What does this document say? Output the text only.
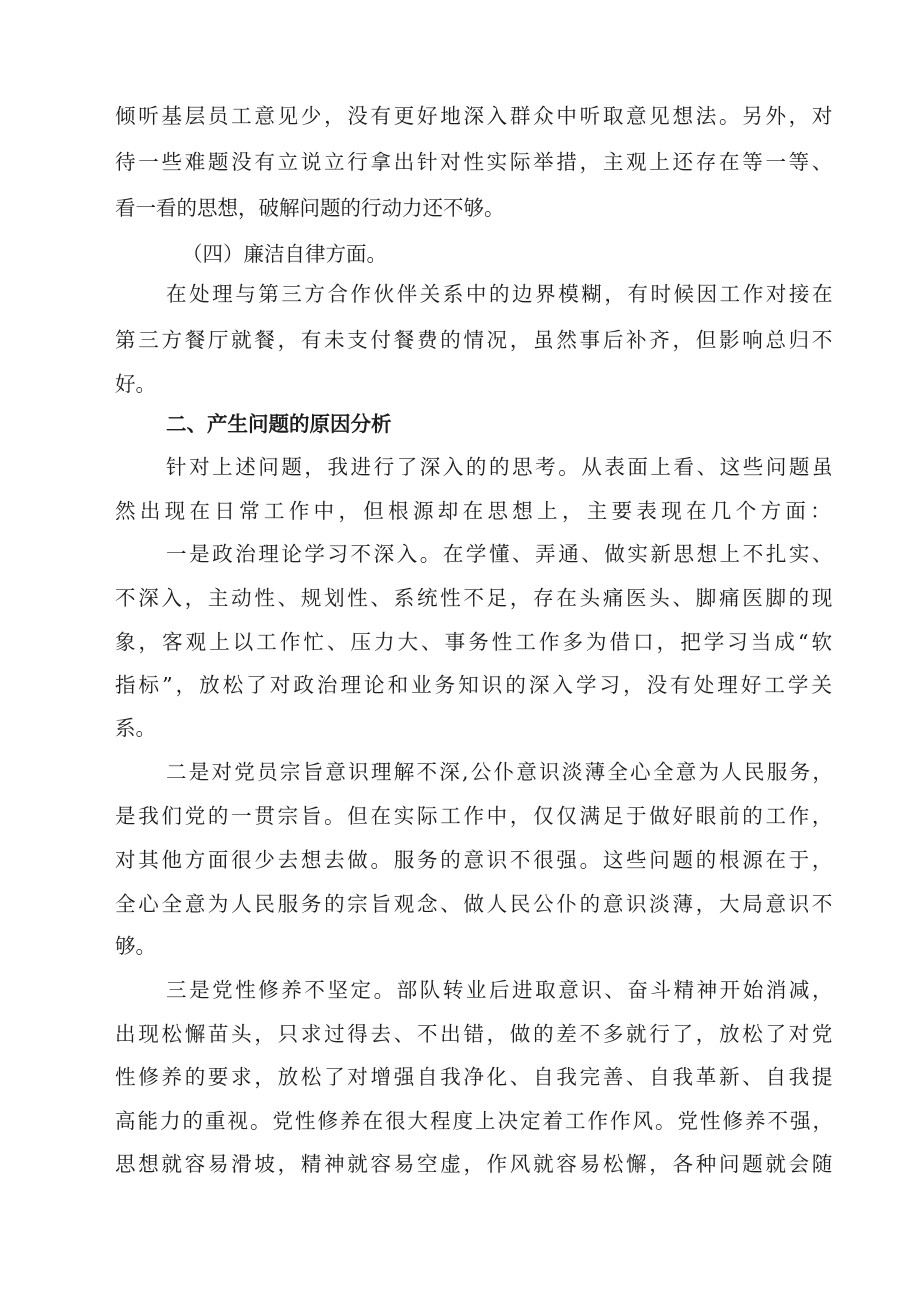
倾听基层员工意见少，没有更好地深入群众中听取意见想法。另外，对
待一些难题没有立说立行拿出针对性实际举措，主观上还存在等一等、
看一看的思想，破解问题的行动力还不够。
（四）廉洁自律方面。
在处理与第三方合作伙伴关系中的边界模糊，有时候因工作对接在
第三方餐厅就餐，有未支付餐费的情况，虽然事后补齐，但影响总归不
好。
二、产生问题的原因分析
针对上述问题，我进行了深入的的思考。从表面上看、这些问题虽
然出现在日常工作中，但根源却在思想上，主要表现在几个方面：
一是政治理论学习不深入。在学懂、弄通、做实新思想上不扎实、
不深入，主动性、规划性、系统性不足，存在头痛医头、脚痛医脚的现
象，客观上以工作忙、压力大、事务性工作多为借口，把学习当成“软
指标”，放松了对政治理论和业务知识的深入学习，没有处理好工学关
系。
二是对党员宗旨意识理解不深,公仆意识淡薄全心全意为人民服务，
是我们党的一贯宗旨。但在实际工作中，仅仅满足于做好眼前的工作，
对其他方面很少去想去做。服务的意识不很强。这些问题的根源在于，
全心全意为人民服务的宗旨观念、做人民公仆的意识淡薄，大局意识不
够。
三是党性修养不坚定。部队转业后进取意识、奋斗精神开始消减，
出现松懈苗头，只求过得去、不出错，做的差不多就行了，放松了对党
性修养的要求，放松了对增强自我净化、自我完善、自我革新、自我提
高能力的重视。党性修养在很大程度上决定着工作作风。党性修养不强，
思想就容易滑坡，精神就容易空虚，作风就容易松懈，各种问题就会随
